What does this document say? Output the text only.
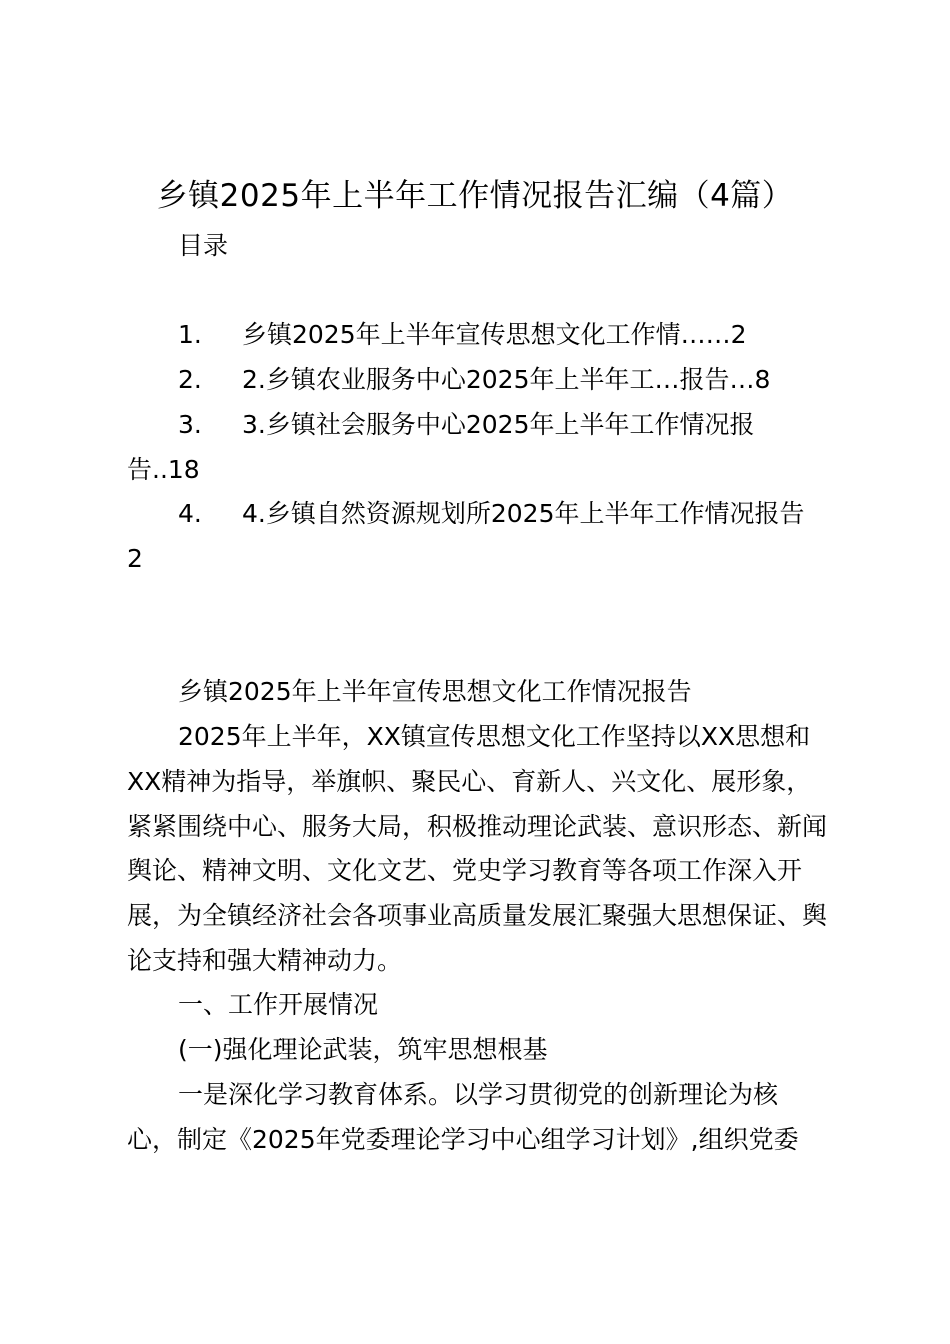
乡镇2025年上半年工作情况报告汇编（4篇）
目录
1. 乡镇2025年上半年宣传思想文化工作情……2
2. 2.乡镇农业服务中心2025年上半年工…报告…8
3. 3.乡镇社会服务中心2025年上半年工作情况报
告..18
4. 4.乡镇自然资源规划所2025年上半年工作情况报告
2
乡镇2025年上半年宣传思想文化工作情况报告
2025年上半年，XX镇宣传思想文化工作坚持以XX思想和XX精神为指导，举旗帜、聚民心、育新人、兴文化、展形象，紧紧围绕中心、服务大局，积极推动理论武装、意识形态、新闻舆论、精神文明、文化文艺、党史学习教育等各项工作深入开展，为全镇经济社会各项事业高质量发展汇聚强大思想保证、舆论支持和强大精神动力。
一、工作开展情况
(一)强化理论武装，筑牢思想根基
一是深化学习教育体系。以学习贯彻党的创新理论为核心，制定《2025年党委理论学习中心组学习计划》,组织党委
